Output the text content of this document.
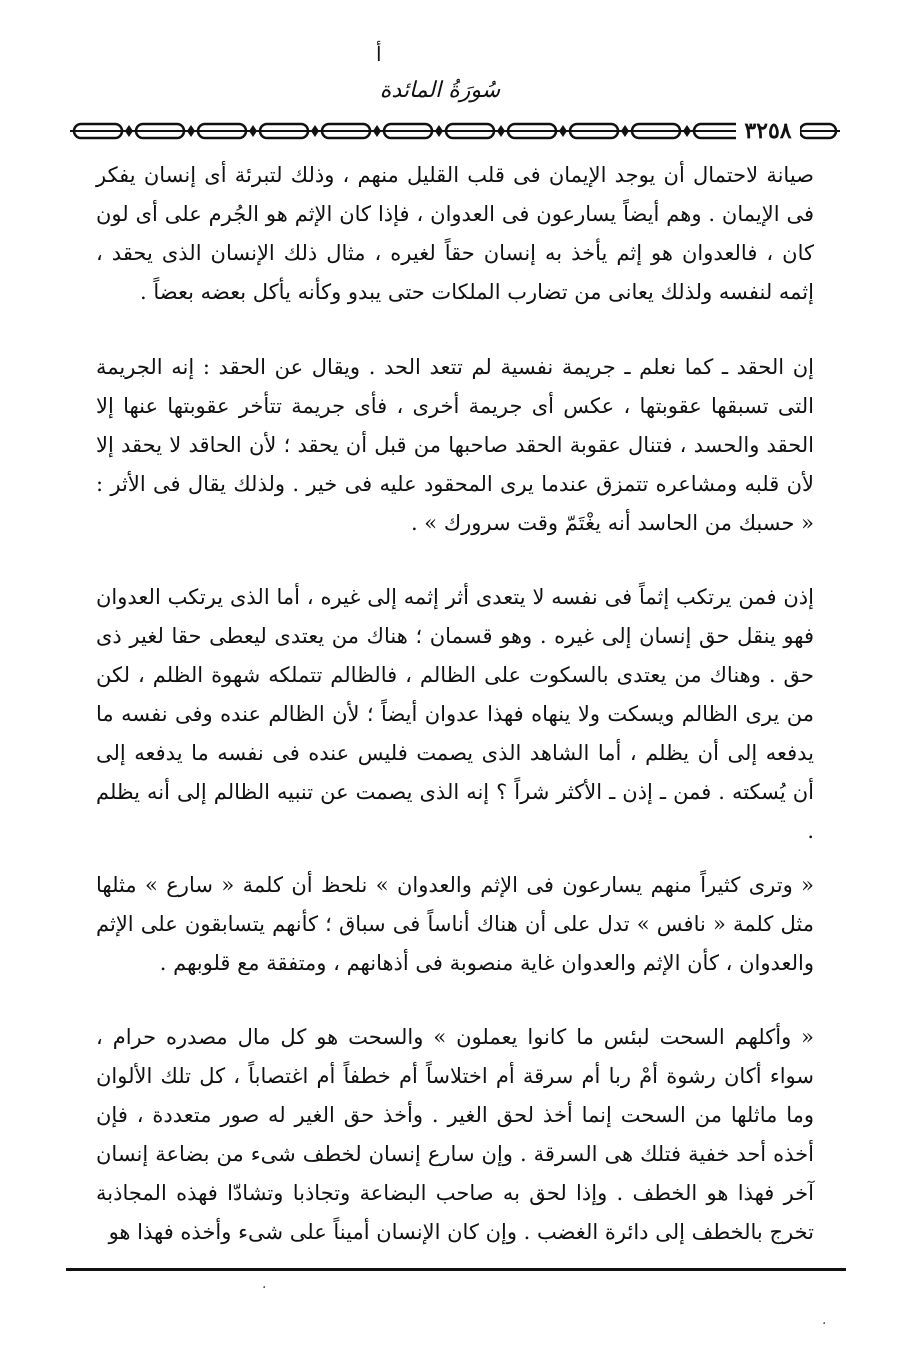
أ
سُورَةُ المائدة
٣٢٥٨

صيانة لاحتمال أن يوجد الإيمان فى قلب القليل منهم ، وذلك لتبرئة أى إنسان يفكر فى الإيمان . وهم أيضاً يسارعون فى العدوان ، فإذا كان الإثم هو الجُرم على أى لون كان ، فالعدوان هو إثم يأخذ به إنسان حقاً لغيره ، مثال ذلك الإنسان الذى يحقد ، إثمه لنفسه ولذلك يعانى من تضارب الملكات حتى يبدو وكأنه يأكل بعضه بعضاً .

إن الحقد ـ كما نعلم ـ جريمة نفسية لم تتعد الحد . ويقال عن الحقد : إنه الجريمة التى تسبقها عقوبتها ، عكس أى جريمة أخرى ، فأى جريمة تتأخر عقوبتها عنها إلا الحقد والحسد ، فتنال عقوبة الحقد صاحبها من قبل أن يحقد ؛ لأن الحاقد لا يحقد إلا لأن قلبه ومشاعره تتمزق عندما يرى المحقود عليه فى خير . ولذلك يقال فى الأثر : « حسبك من الحاسد أنه يغْتَمّ وقت سرورك » .

إذن فمن يرتكب إثماً فى نفسه لا يتعدى أثر إثمه إلى غيره ، أما الذى يرتكب العدوان فهو ينقل حق إنسان إلى غيره . وهو قسمان ؛ هناك من يعتدى ليعطى حقا لغير ذى حق . وهناك من يعتدى بالسكوت على الظالم ، فالظالم تتملكه شهوة الظلم ، لكن من يرى الظالم ويسكت ولا ينهاه فهذا عدوان أيضاً ؛ لأن الظالم عنده وفى نفسه ما يدفعه إلى أن يظلم ، أما الشاهد الذى يصمت فليس عنده فى نفسه ما يدفعه إلى أن يُسكته . فمن ـ إذن ـ الأكثر شراً ؟ إنه الذى يصمت عن تنبيه الظالم إلى أنه يظلم .

« وترى كثيراً منهم يسارعون فى الإثم والعدوان » نلحظ أن كلمة « سارع » مثلها مثل كلمة « نافس » تدل على أن هناك أناساً فى سباق ؛ كأنهم يتسابقون على الإثم والعدوان ، كأن الإثم والعدوان غاية منصوبة فى أذهانهم ، ومتفقة مع قلوبهم .

« وأكلهم السحت لبئس ما كانوا يعملون » والسحت هو كل مال مصدره حرام ، سواء أكان رشوة أمْ ربا أم سرقة أم اختلاساً أم خطفاً أم اغتصاباً ، كل تلك الألوان وما ماثلها من السحت إنما أخذ لحق الغير . وأخذ حق الغير له صور متعددة ، فإن أخذه أحد خفية فتلك هى السرقة . وإن سارع إنسان لخطف شىء من بضاعة إنسان آخر فهذا هو الخطف . وإذا لحق به صاحب البضاعة وتجاذبا وتشادّا فهذه المجاذبة تخرج بالخطف إلى دائرة الغضب . وإن كان الإنسان أميناً على شىء وأخذه فهذا هو

·
·
